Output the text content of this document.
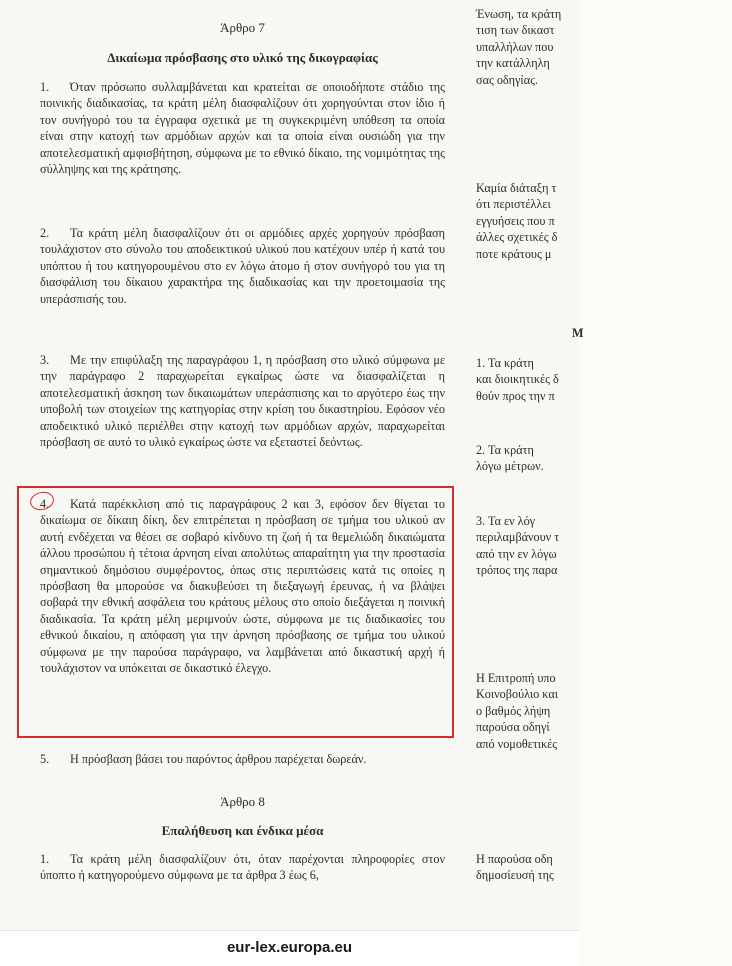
Άρθρο 7
Δικαίωμα πρόσβασης στο υλικό της δικογραφίας

1. Όταν πρόσωπο συλλαμβάνεται και κρατείται σε οποιοδήποτε στάδιο της ποινικής διαδικασίας, τα κράτη μέλη διασφαλίζουν ότι χορηγούνται στον ίδιο ή τον συνήγορό του τα έγγραφα σχετικά με τη συγκεκριμένη υπόθεση τα οποία είναι στην κατοχή των αρμόδιων αρχών και τα οποία είναι ουσιώδη για την αποτελεσματική αμφισβήτηση, σύμφωνα με το εθνικό δίκαιο, της νομιμότητας της σύλληψης και της κράτησης.

2. Τα κράτη μέλη διασφαλίζουν ότι οι αρμόδιες αρχές χορηγούν πρόσβαση τουλάχιστον στο σύνολο του αποδεικτικού υλικού που κατέχουν υπέρ ή κατά του υπόπτου ή του κατηγορουμένου στο εν λόγω άτομο ή στον συνήγορό του για τη διασφάλιση του δίκαιου χαρακτήρα της διαδικασίας και την προετοιμασία της υπεράσπισής του.

3. Με την επιφύλαξη της παραγράφου 1, η πρόσβαση στο υλικό σύμφωνα με την παράγραφο 2 παραχωρείται εγκαίρως ώστε να διασφαλίζεται η αποτελεσματική άσκηση των δικαιωμάτων υπεράσπισης και το αργότερο έως την υποβολή των στοιχείων της κατηγορίας στην κρίση του δικαστηρίου. Εφόσον νέο αποδεικτικό υλικό περιέλθει στην κατοχή των αρμόδιων αρχών, παραχωρείται πρόσβαση σε αυτό το υλικό εγκαίρως ώστε να εξεταστεί δεόντως.

4. Κατά παρέκκλιση από τις παραγράφους 2 και 3, εφόσον δεν θίγεται το δικαίωμα σε δίκαιη δίκη, δεν επιτρέπεται η πρόσβαση σε τμήμα του υλικού αν αυτή ενδέχεται να θέσει σε σοβαρό κίνδυνο τη ζωή ή τα θεμελιώδη δικαιώματα άλλου προσώπου ή τέτοια άρνηση είναι απολύτως απαραίτητη για την προστασία σημαντικού δημόσιου συμφέροντος, όπως στις περιπτώσεις κατά τις οποίες η πρόσβαση θα μπορούσε να διακυβεύσει τη διεξαγωγή έρευνας, ή να βλάψει σοβαρά την εθνική ασφάλεια του κράτους μέλους στο οποίο διεξάγεται η ποινική διαδικασία. Τα κράτη μέλη μεριμνούν ώστε, σύμφωνα με τις διαδικασίες του εθνικού δικαίου, η απόφαση για την άρνηση πρόσβασης σε τμήμα του υλικού σύμφωνα με την παρούσα παράγραφο, να λαμβάνεται από δικαστική αρχή ή τουλάχιστον να υπόκειται σε δικαστικό έλεγχο.

5. Η πρόσβαση βάσει του παρόντος άρθρου παρέχεται δωρεάν.

Άρθρο 8
Επαλήθευση και ένδικα μέσα

1. Τα κράτη μέλη διασφαλίζουν ότι, όταν παρέχονται πληροφορίες στον ύποπτο ή κατηγορούμενο σύμφωνα με τα άρθρα 3 έως 6,

Ένωση, τα κράτη
τιση των δικαστ
υπαλλήλων που
την κατάλληλη
σας οδηγίας.
Καμία διάταξη τ
ότι περιστέλλει
εγγυήσεις που π
άλλες σχετικές δ
ποτε κράτους μ
Μ
1. Τα κράτη
και διοικητικές δ
θούν προς την π
2. Τα κράτη
λόγω μέτρων.
3. Τα εν λόγ
περιλαμβάνουν τ
από την εν λόγω
τρόπος της παρα
Η Επιτροπή υπο
Κοινοβούλιο και
ο βαθμός λήψη
παρούσα οδηγί
από νομοθετικές
Η παρούσα οδη
δημοσίευσή της
eur-lex.europa.eu
